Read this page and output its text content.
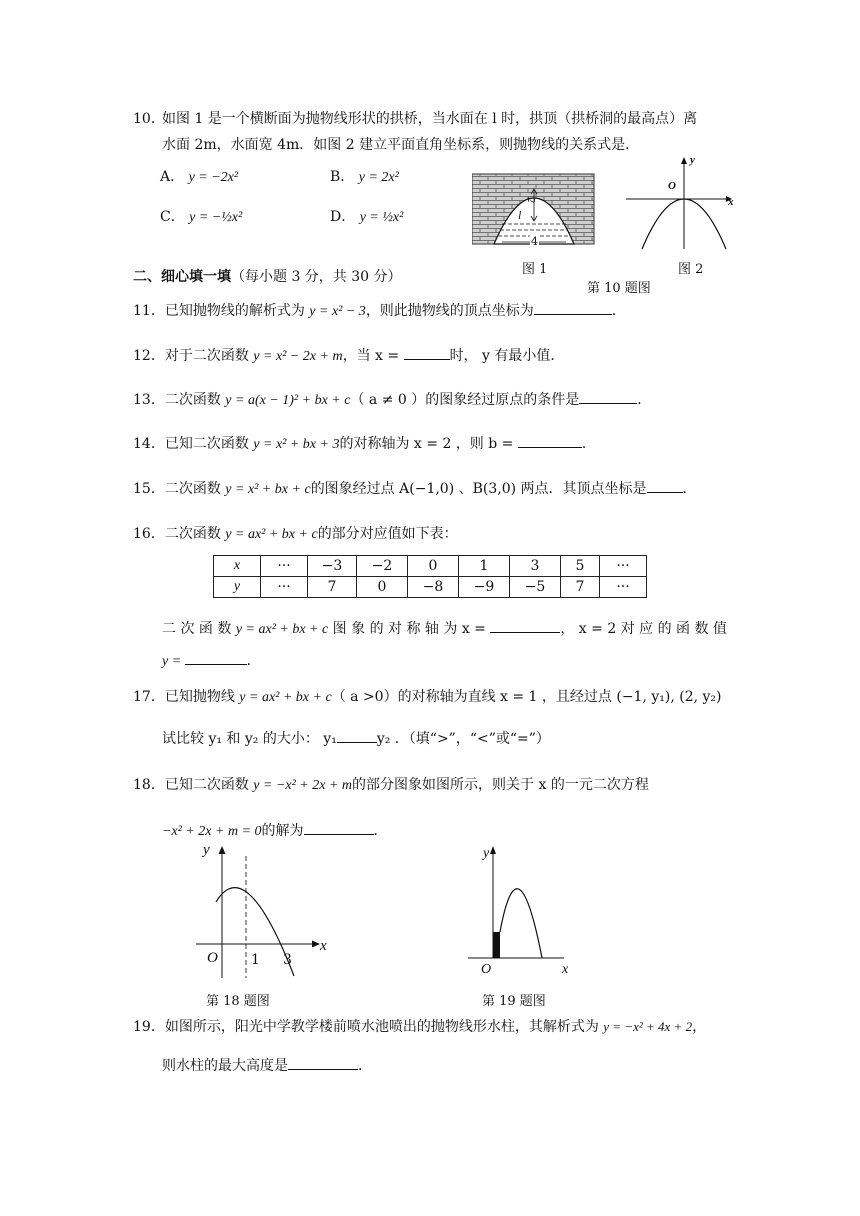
10．
如图 1 是一个横断面为抛物线形状的拱桥，当水面在 l 时，拱顶（拱桥洞的最高点）离
水面 2m，水面宽 4m．如图 2 建立平面直角坐标系，则抛物线的关系式是．
A． y = −2x²	B． y = 2x²
C． y = −½x²	D． y = ½x²
2
l
4
图 1
y
x
O
图 2
第 10 题图
二、细心填一填（每小题 3 分，共 30 分）
11．已知抛物线的解析式为 y = x² − 3，则此抛物线的顶点坐标为	．
12．对于二次函数 y = x² − 2x + m，当 x =	时， y 有最小值．
13．二次函数 y = a(x − 1)² + bx + c（ a ≠ 0 ）的图象经过原点的条件是	．
14．已知二次函数 y = x² + bx + 3的对称轴为 x = 2 ，则 b =	．
15．二次函数 y = x² + bx + c的图象经过点 A(−1,0) 、B(3,0) 两点．其顶点坐标是	．
16．二次函数 y = ax² + bx + c的部分对应值如下表：
x	···	−3	−2	0	1	3	5	···
y	···	7	0	−8	−9	−5	7	···
二 次 函 数 y = ax² + bx + c 图 象 的 对 称 轴 为 x =	， x = 2 对 应 的 函 数 值
y =	．
17．已知抛物线 y = ax² + bx + c（ a >0）的对称轴为直线 x = 1 ，且经过点 (−1, y₁), (2, y₂)
试比较 y₁ 和 y₂ 的大小： y₁	y₂ ．（填“>”，“<”或“=”）
18．已知二次函数 y = −x² + 2x + m的部分图象如图所示，则关于 x 的一元二次方程
−x² + 2x + m = 0的解为	．
y
x
O 1 3
第 18 题图
y
x
O
第 19 题图
19．如图所示，阳光中学教学楼前喷水池喷出的抛物线形水柱，其解析式为 y = −x² + 4x + 2，
则水柱的最大高度是	．
